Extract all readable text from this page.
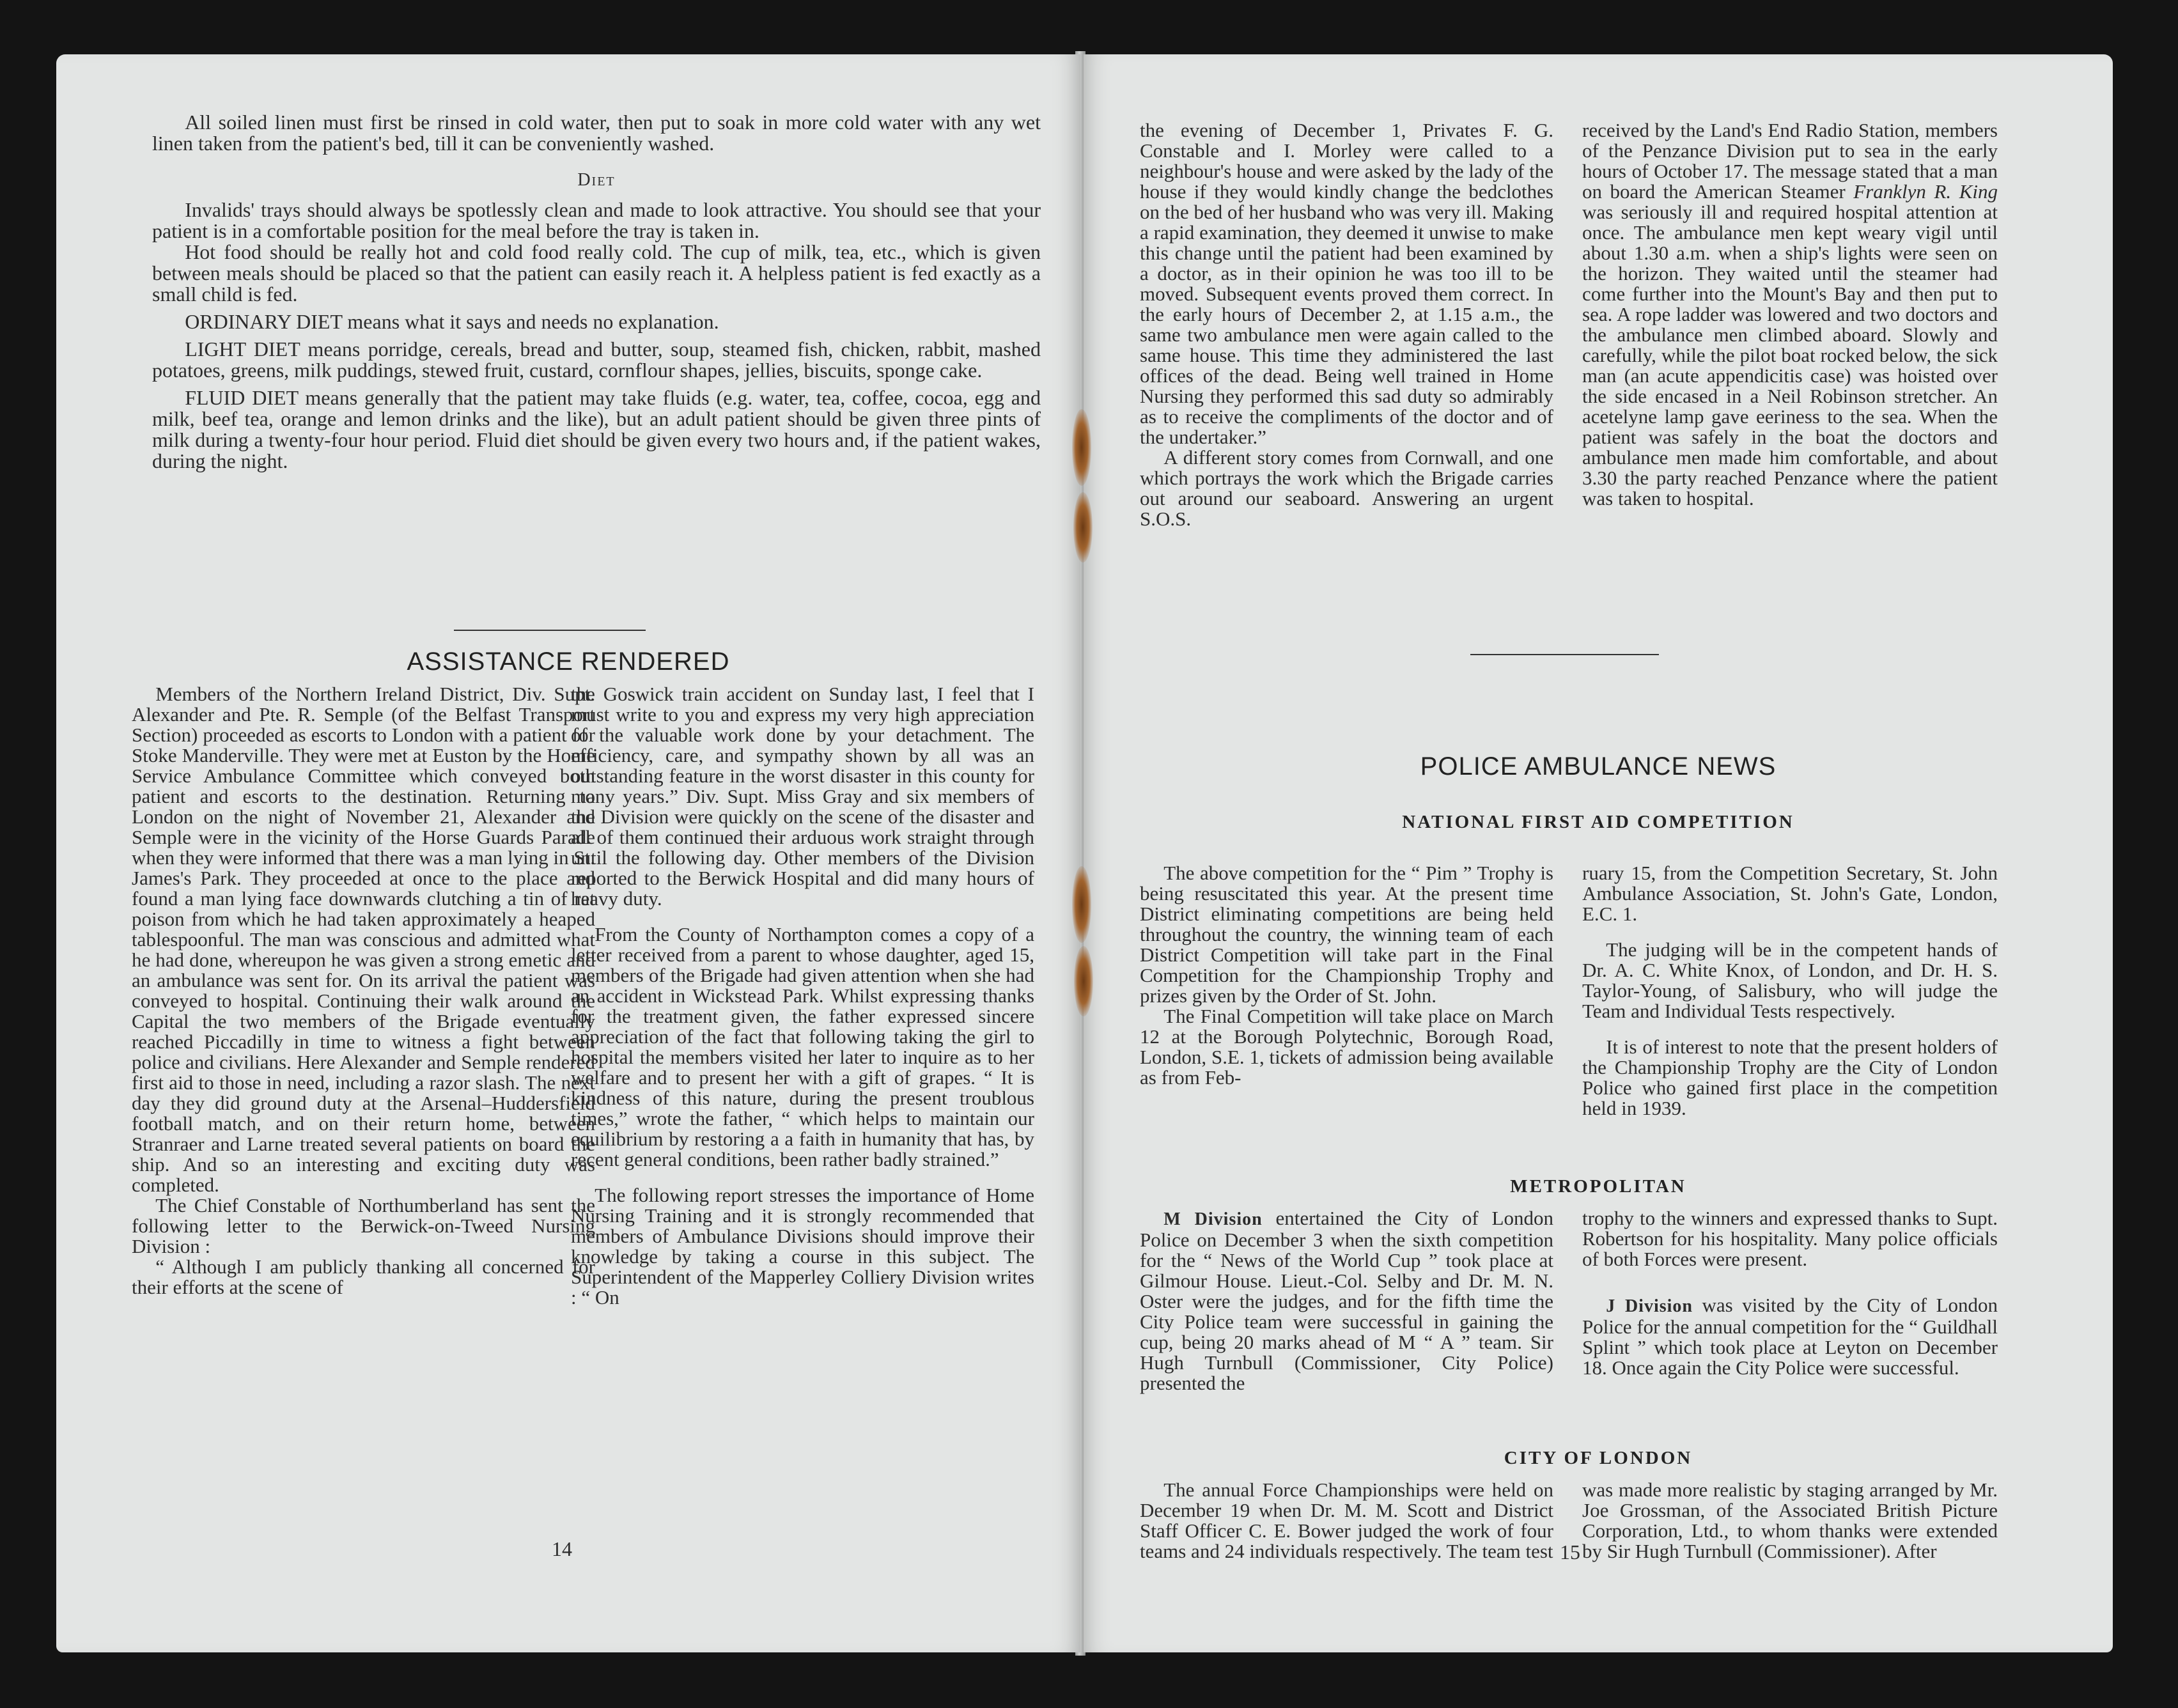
All soiled linen must first be rinsed in cold water, then put to soak in more cold water with any wet linen taken from the patient's bed, till it can be conveniently washed.

Diet

Invalids' trays should always be spotlessly clean and made to look attractive. You should see that your patient is in a comfortable position for the meal before the tray is taken in.

Hot food should be really hot and cold food really cold. The cup of milk, tea, etc., which is given between meals should be placed so that the patient can easily reach it. A helpless patient is fed exactly as a small child is fed.

ORDINARY DIET means what it says and needs no explanation.

LIGHT DIET means porridge, cereals, bread and butter, soup, steamed fish, chicken, rabbit, mashed potatoes, greens, milk puddings, stewed fruit, custard, cornflour shapes, jellies, biscuits, sponge cake.

FLUID DIET means generally that the patient may take fluids (e.g. water, tea, coffee, cocoa, egg and milk, beef tea, orange and lemon drinks and the like), but an adult patient should be given three pints of milk during a twenty-four hour period. Fluid diet should be given every two hours and, if the patient wakes, during the night.

ASSISTANCE RENDERED

Members of the Northern Ireland District, Div. Supt. Alexander and Pte. R. Semple (of the Belfast Transport Section) proceeded as escorts to London with a patient for Stoke Manderville. They were met at Euston by the Home Service Ambulance Committee which conveyed both patient and escorts to the destination. Returning to London on the night of November 21, Alexander and Semple were in the vicinity of the Horse Guards Parade when they were informed that there was a man lying in St. James's Park. They proceeded at once to the place and found a man lying face downwards clutching a tin of rat poison from which he had taken approximately a heaped tablespoonful. The man was conscious and admitted what he had done, whereupon he was given a strong emetic and an ambulance was sent for. On its arrival the patient was conveyed to hospital. Continuing their walk around the Capital the two members of the Brigade eventually reached Piccadilly in time to witness a fight between police and civilians. Here Alexander and Semple rendered first aid to those in need, including a razor slash. The next day they did ground duty at the Arsenal–Huddersfield football match, and on their return home, between Stranraer and Larne treated several patients on board the ship. And so an interesting and exciting duty was completed.

The Chief Constable of Northumberland has sent the following letter to the Berwick-on-Tweed Nursing Division :

“ Although I am publicly thanking all concerned for their efforts at the scene of

the Goswick train accident on Sunday last, I feel that I must write to you and express my very high appreciation of the valuable work done by your detachment. The efficiency, care, and sympathy shown by all was an outstanding feature in the worst disaster in this county for many years.” Div. Supt. Miss Gray and six members of the Division were quickly on the scene of the disaster and all of them continued their arduous work straight through until the following day. Other members of the Division reported to the Berwick Hospital and did many hours of heavy duty.

From the County of Northampton comes a copy of a letter received from a parent to whose daughter, aged 15, members of the Brigade had given attention when she had an accident in Wickstead Park. Whilst expressing thanks for the treatment given, the father expressed sincere appreciation of the fact that following taking the girl to hospital the members visited her later to inquire as to her welfare and to present her with a gift of grapes. “ It is kindness of this nature, during the present troublous times,” wrote the father, “ which helps to maintain our equilibrium by restoring a a faith in humanity that has, by recent general conditions, been rather badly strained.”

The following report stresses the importance of Home Nursing Training and it is strongly recommended that members of Ambulance Divisions should improve their knowledge by taking a course in this subject. The Superintendent of the Mapperley Colliery Division writes : “ On

14

the evening of December 1, Privates F. G. Constable and I. Morley were called to a neighbour's house and were asked by the lady of the house if they would kindly change the bedclothes on the bed of her husband who was very ill. Making a rapid examination, they deemed it unwise to make this change until the patient had been examined by a doctor, as in their opinion he was too ill to be moved. Subsequent events proved them correct. In the early hours of December 2, at 1.15 a.m., the same two ambulance men were again called to the same house. This time they administered the last offices of the dead. Being well trained in Home Nursing they performed this sad duty so admirably as to receive the compliments of the doctor and of the undertaker.”

A different story comes from Cornwall, and one which portrays the work which the Brigade carries out around our seaboard. Answering an urgent S.O.S.

received by the Land's End Radio Station, members of the Penzance Division put to sea in the early hours of October 17. The message stated that a man on board the American Steamer Franklyn R. King was seriously ill and required hospital attention at once. The ambulance men kept weary vigil until about 1.30 a.m. when a ship's lights were seen on the horizon. They waited until the steamer had come further into the Mount's Bay and then put to sea. A rope ladder was lowered and two doctors and the ambulance men climbed aboard. Slowly and carefully, while the pilot boat rocked below, the sick man (an acute appendicitis case) was hoisted over the side encased in a Neil Robinson stretcher. An acetelyne lamp gave eeriness to the sea. When the patient was safely in the boat the doctors and ambulance men made him comfortable, and about 3.30 the party reached Penzance where the patient was taken to hospital.

POLICE AMBULANCE NEWS
NATIONAL FIRST AID COMPETITION

The above competition for the “ Pim ” Trophy is being resuscitated this year. At the present time District eliminating competitions are being held throughout the country, the winning team of each District Competition will take part in the Final Competition for the Championship Trophy and prizes given by the Order of St. John.

The Final Competition will take place on March 12 at the Borough Polytechnic, Borough Road, London, S.E. 1, tickets of admission being available as from Feb-

ruary 15, from the Competition Secretary, St. John Ambulance Association, St. John's Gate, London, E.C. 1.

The judging will be in the competent hands of Dr. A. C. White Knox, of London, and Dr. H. S. Taylor-Young, of Salisbury, who will judge the Team and Individual Tests respectively.

It is of interest to note that the present holders of the Championship Trophy are the City of London Police who gained first place in the competition held in 1939.

METROPOLITAN

M Division entertained the City of London Police on December 3 when the sixth competition for the “ News of the World Cup ” took place at Gilmour House. Lieut.-Col. Selby and Dr. M. N. Oster were the judges, and for the fifth time the City Police team were successful in gaining the cup, being 20 marks ahead of M “ A ” team. Sir Hugh Turnbull (Commissioner, City Police) presented the

trophy to the winners and expressed thanks to Supt. Robertson for his hospitality. Many police officials of both Forces were present.

J Division was visited by the City of London Police for the annual competition for the “ Guildhall Splint ” which took place at Leyton on December 18. Once again the City Police were successful.

CITY OF LONDON

The annual Force Championships were held on December 19 when Dr. M. M. Scott and District Staff Officer C. E. Bower judged the work of four teams and 24 individuals respectively. The team test

was made more realistic by staging arranged by Mr. Joe Grossman, of the Associated British Picture Corporation, Ltd., to whom thanks were extended by Sir Hugh Turnbull (Commissioner). After

15
